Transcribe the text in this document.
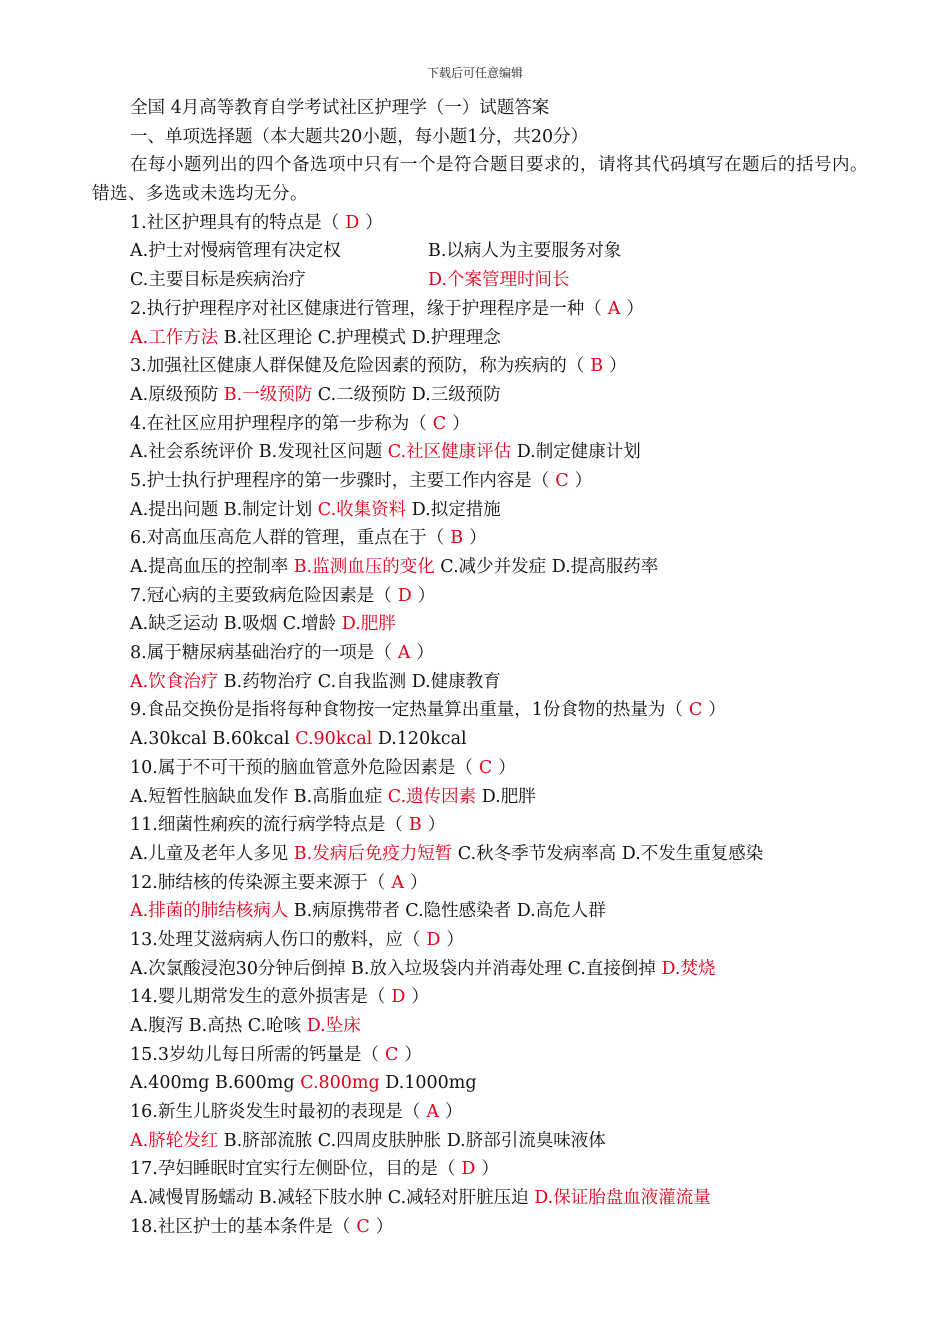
下载后可任意编辑
全国 4月高等教育自学考试社区护理学（一）试题答案
一、单项选择题（本大题共20小题，每小题1分，共20分）
在每小题列出的四个备选项中只有一个是符合题目要求的，请将其代码填写在题后的括号内。错选、多选或未选均无分。
1.社区护理具有的特点是（ D ）
A.护士对慢病管理有决定权	B.以病人为主要服务对象
C.主要目标是疾病治疗	D.个案管理时间长
2.执行护理程序对社区健康进行管理，缘于护理程序是一种（ A ）
A.工作方法 B.社区理论 C.护理模式 D.护理理念
3.加强社区健康人群保健及危险因素的预防，称为疾病的（ B ）
A.原级预防 B.一级预防 C.二级预防 D.三级预防
4.在社区应用护理程序的第一步称为（ C ）
A.社会系统评价 B.发现社区问题 C.社区健康评估 D.制定健康计划
5.护士执行护理程序的第一步骤时，主要工作内容是（ C ）
A.提出问题 B.制定计划 C.收集资料 D.拟定措施
6.对高血压高危人群的管理，重点在于（ B ）
A.提高血压的控制率 B.监测血压的变化 C.减少并发症 D.提高服药率
7.冠心病的主要致病危险因素是（ D ）
A.缺乏运动 B.吸烟 C.增龄 D.肥胖
8.属于糖尿病基础治疗的一项是（ A ）
A.饮食治疗 B.药物治疗 C.自我监测 D.健康教育
9.食品交换份是指将每种食物按一定热量算出重量，1份食物的热量为（ C ）
A.30kcal B.60kcal C.90kcal D.120kcal
10.属于不可干预的脑血管意外危险因素是（ C ）
A.短暂性脑缺血发作 B.高脂血症 C.遗传因素 D.肥胖
11.细菌性痢疾的流行病学特点是（ B ）
A.儿童及老年人多见 B.发病后免疫力短暂 C.秋冬季节发病率高 D.不发生重复感染
12.肺结核的传染源主要来源于（ A ）
A.排菌的肺结核病人 B.病原携带者 C.隐性感染者 D.高危人群
13.处理艾滋病病人伤口的敷料，应（ D ）
A.次氯酸浸泡30分钟后倒掉 B.放入垃圾袋内并消毒处理 C.直接倒掉 D.焚烧
14.婴儿期常发生的意外损害是（ D ）
A.腹泻 B.高热 C.呛咳 D.坠床
15.3岁幼儿每日所需的钙量是（ C ）
A.400mg B.600mg C.800mg D.1000mg
16.新生儿脐炎发生时最初的表现是（ A ）
A.脐轮发红 B.脐部流脓 C.四周皮肤肿胀 D.脐部引流臭味液体
17.孕妇睡眠时宜实行左侧卧位，目的是（ D ）
A.减慢胃肠蠕动 B.减轻下肢水肿 C.减轻对肝脏压迫 D.保证胎盘血液灌流量
18.社区护士的基本条件是（ C ）
